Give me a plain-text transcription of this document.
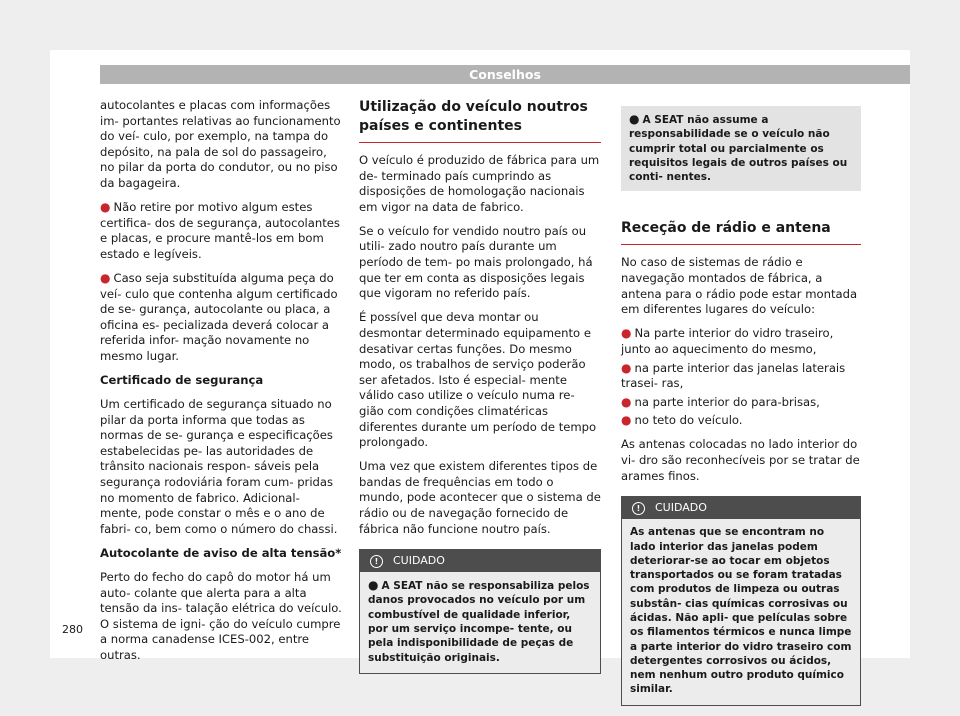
Conselhos

autocolantes e placas com informações im- portantes relativas ao funcionamento do veí- culo, por exemplo, na tampa do depósito, na pala de sol do passageiro, no pilar da porta do condutor, ou no piso da bagageira.

● Não retire por motivo algum estes certifica- dos de segurança, autocolantes e placas, e procure mantê-los em bom estado e legíveis.

● Caso seja substituída alguma peça do veí- culo que contenha algum certificado de se- gurança, autocolante ou placa, a oficina es- pecializada deverá colocar a referida infor- mação novamente no mesmo lugar.

Certificado de segurança

Um certificado de segurança situado no pilar da porta informa que todas as normas de se- gurança e especificações estabelecidas pe- las autoridades de trânsito nacionais respon- sáveis pela segurança rodoviária foram cum- pridas no momento de fabrico. Adicional- mente, pode constar o mês e o ano de fabri- co, bem como o número do chassi.

Autocolante de aviso de alta tensão*

Perto do fecho do capô do motor há um auto- colante que alerta para a alta tensão da ins- talação elétrica do veículo. O sistema de igni- ção do veículo cumpre a norma canadense ICES-002, entre outras.

Utilização do veículo noutros países e continentes

O veículo é produzido de fábrica para um de- terminado país cumprindo as disposições de homologação nacionais em vigor na data de fabrico.

Se o veículo for vendido noutro país ou utili- zado noutro país durante um período de tem- po mais prolongado, há que ter em conta as disposições legais que vigoram no referido país.

É possível que deva montar ou desmontar determinado equipamento e desativar certas funções. Do mesmo modo, os trabalhos de serviço poderão ser afetados. Isto é especial- mente válido caso utilize o veículo numa re- gião com condições climatéricas diferentes durante um período de tempo prolongado.

Uma vez que existem diferentes tipos de bandas de frequências em todo o mundo, pode acontecer que o sistema de rádio ou de navegação fornecido de fábrica não funcione noutro país.

!	CUIDADO
● A SEAT não se responsabiliza pelos danos provocados no veículo por um combustível de qualidade inferior, por um serviço incompe- tente, ou pela indisponibilidade de peças de substituição originais.
● A SEAT não assume a responsabilidade se o veículo não cumprir total ou parcialmente os requisitos legais de outros países ou conti- nentes.
Receção de rádio e antena

No caso de sistemas de rádio e navegação montados de fábrica, a antena para o rádio pode estar montada em diferentes lugares do veículo:

● Na parte interior do vidro traseiro, junto ao aquecimento do mesmo,

● na parte interior das janelas laterais trasei- ras,

● na parte interior do para-brisas,

● no teto do veículo.

As antenas colocadas no lado interior do vi- dro são reconhecíveis por se tratar de arames finos.

!	CUIDADO
As antenas que se encontram no lado interior das janelas podem deteriorar-se ao tocar em objetos transportados ou se foram tratadas com produtos de limpeza ou outras substân- cias químicas corrosivas ou ácidas. Não apli- que películas sobre os filamentos térmicos e nunca limpe a parte interior do vidro traseiro com detergentes corrosivos ou ácidos, nem nenhum outro produto químico similar.
280
